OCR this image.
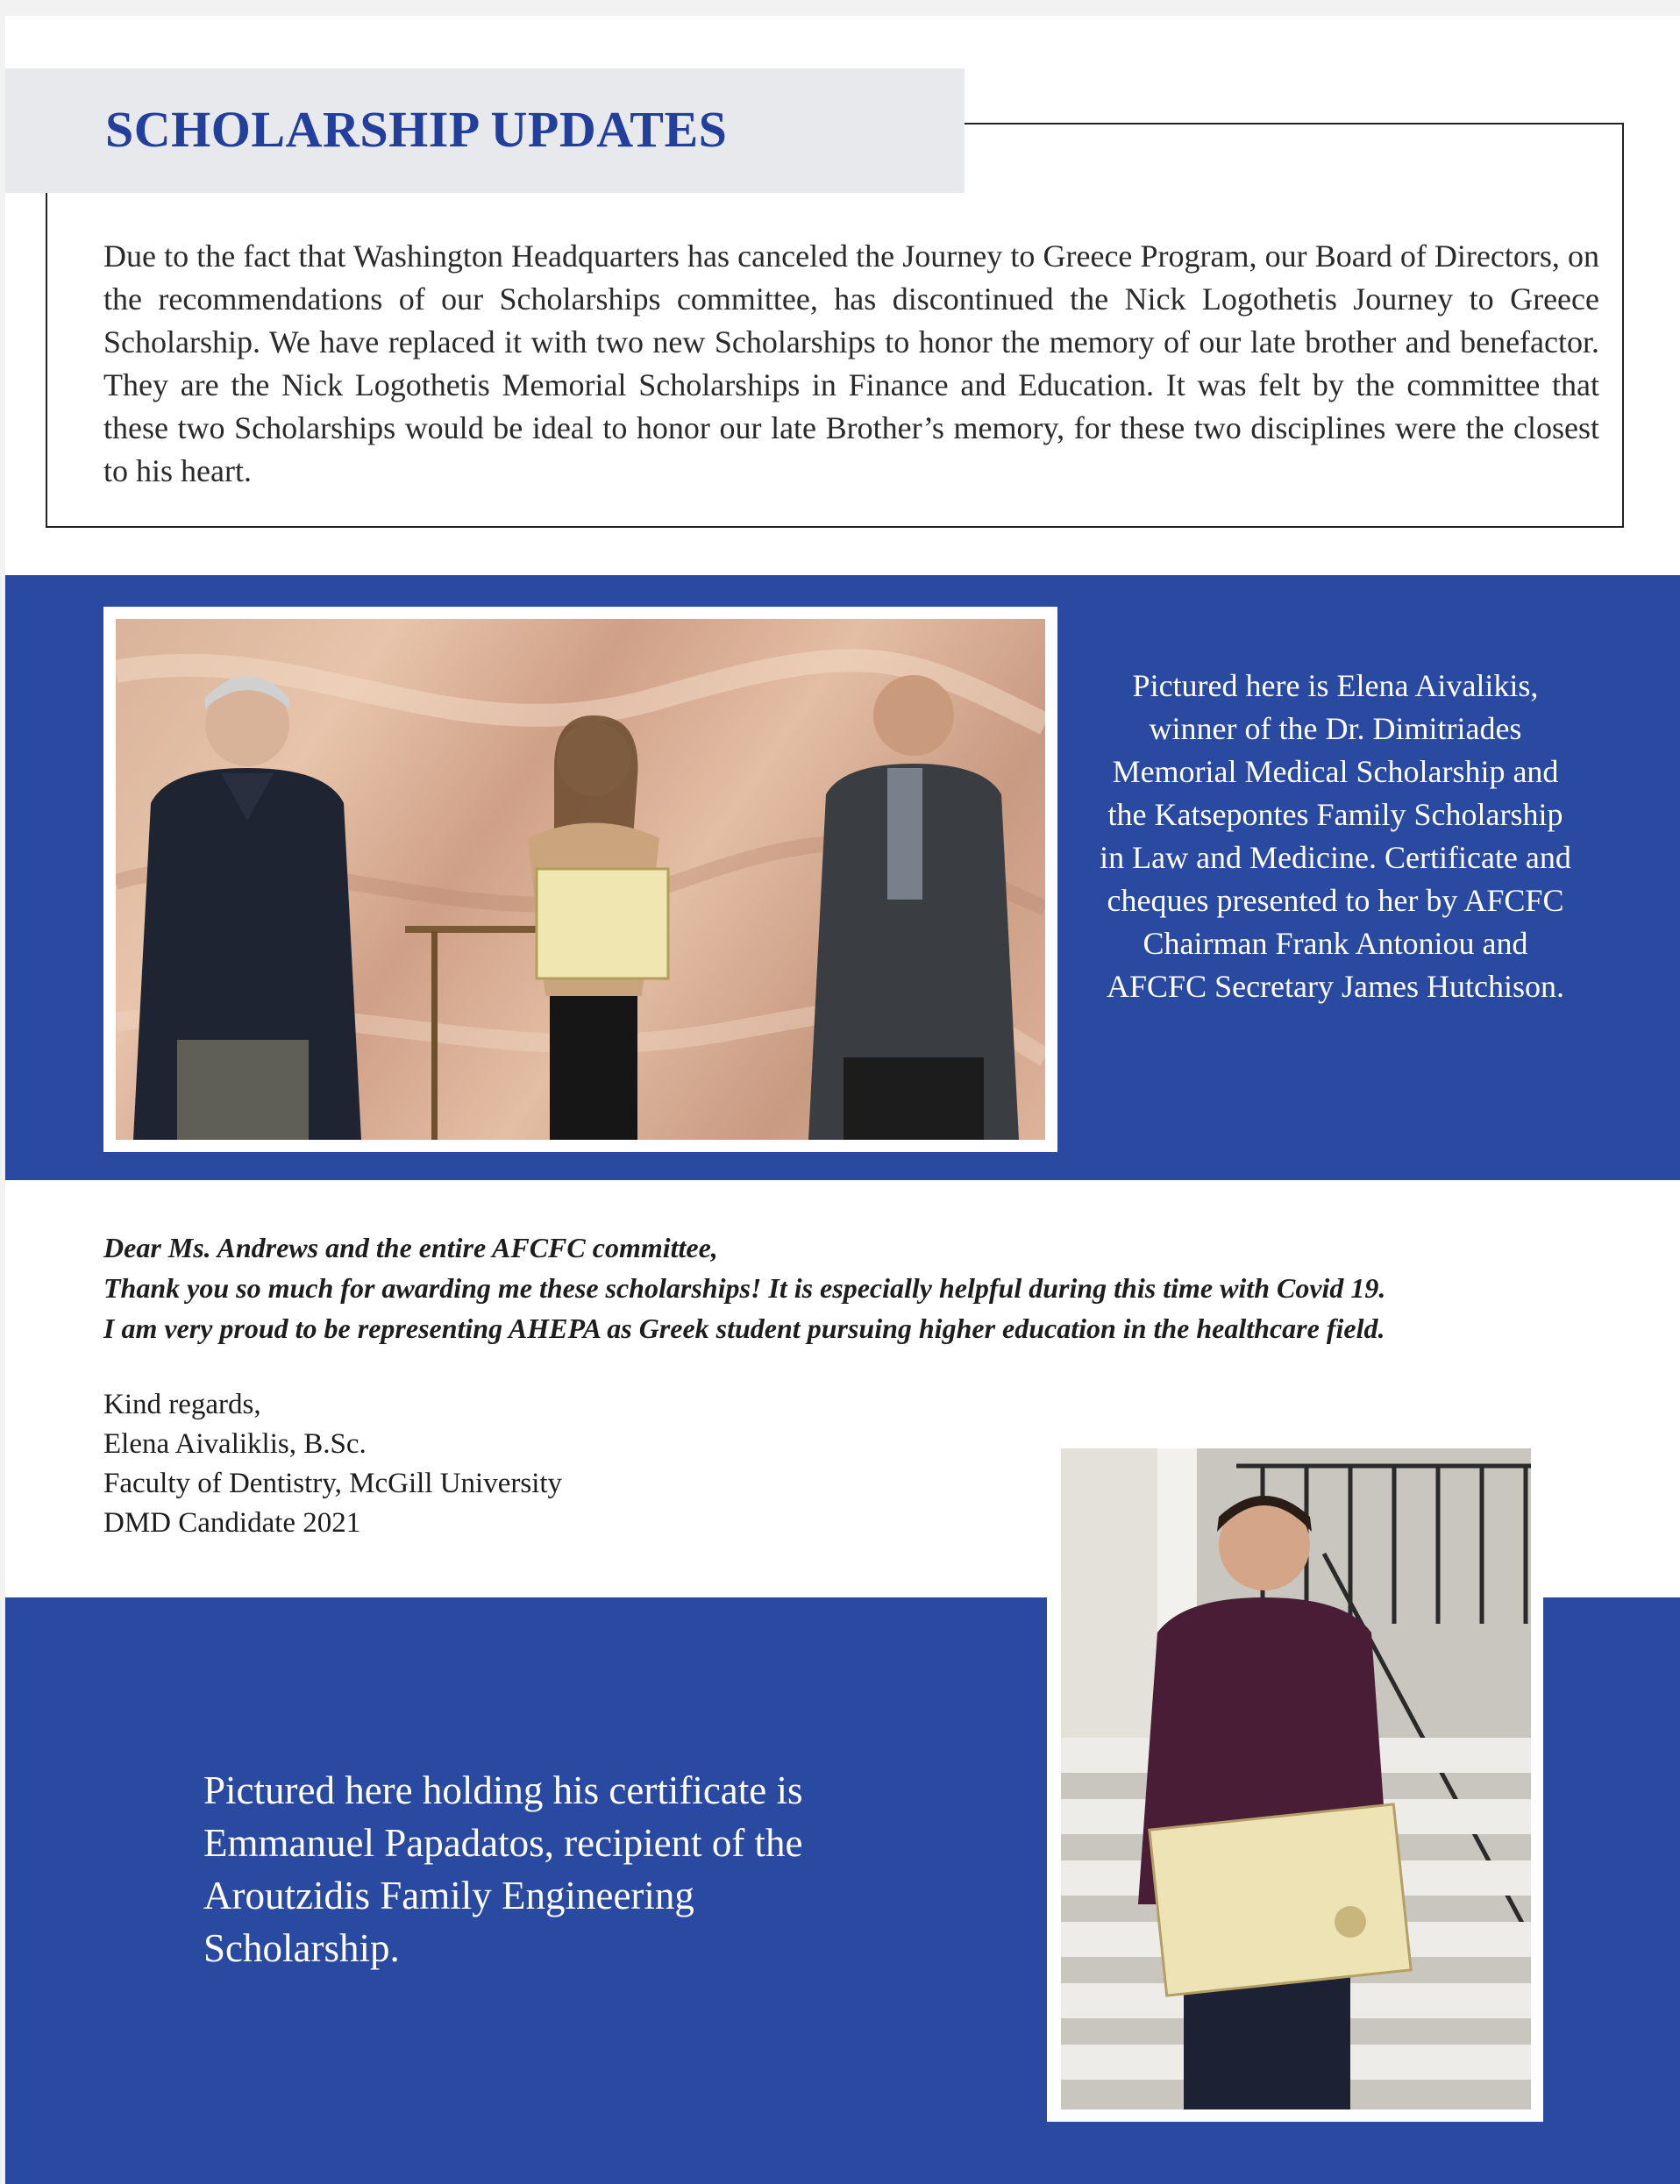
SCHOLARSHIP UPDATES
Due to the fact that Washington Headquarters has canceled the Journey to Greece Program, our Board of Directors, on the recommendations of our Scholarships committee, has discontinued the Nick Logothetis Journey to Greece Scholarship. We have replaced it with two new Scholarships to honor the memory of our late brother and benefactor. They are the Nick Logothetis Memorial Scholarships in Finance and Education. It was felt by the committee that these two Scholarships would be ideal to honor our late Brother’s memory, for these two disciplines were the closest to his heart.
Pictured here is Elena Aivalikis, winner of the Dr. Dimitriades Memorial Medical Scholarship and the Katsepontes Family Scholarship in Law and Medicine. Certificate and cheques presented to her by AFCFC Chairman Frank Antoniou and AFCFC Secretary James Hutchison.
Dear Ms. Andrews and the entire AFCFC committee,
Thank you so much for awarding me these scholarships! It is especially helpful during this time with Covid 19.
I am very proud to be representing AHEPA as Greek student pursuing higher education in the healthcare field.
Kind regards,
Elena Aivaliklis, B.Sc.
Faculty of Dentistry, McGill University
DMD Candidate 2021
Pictured here holding his certificate is Emmanuel Papadatos, recipient of the Aroutzidis Family Engineering Scholarship.
